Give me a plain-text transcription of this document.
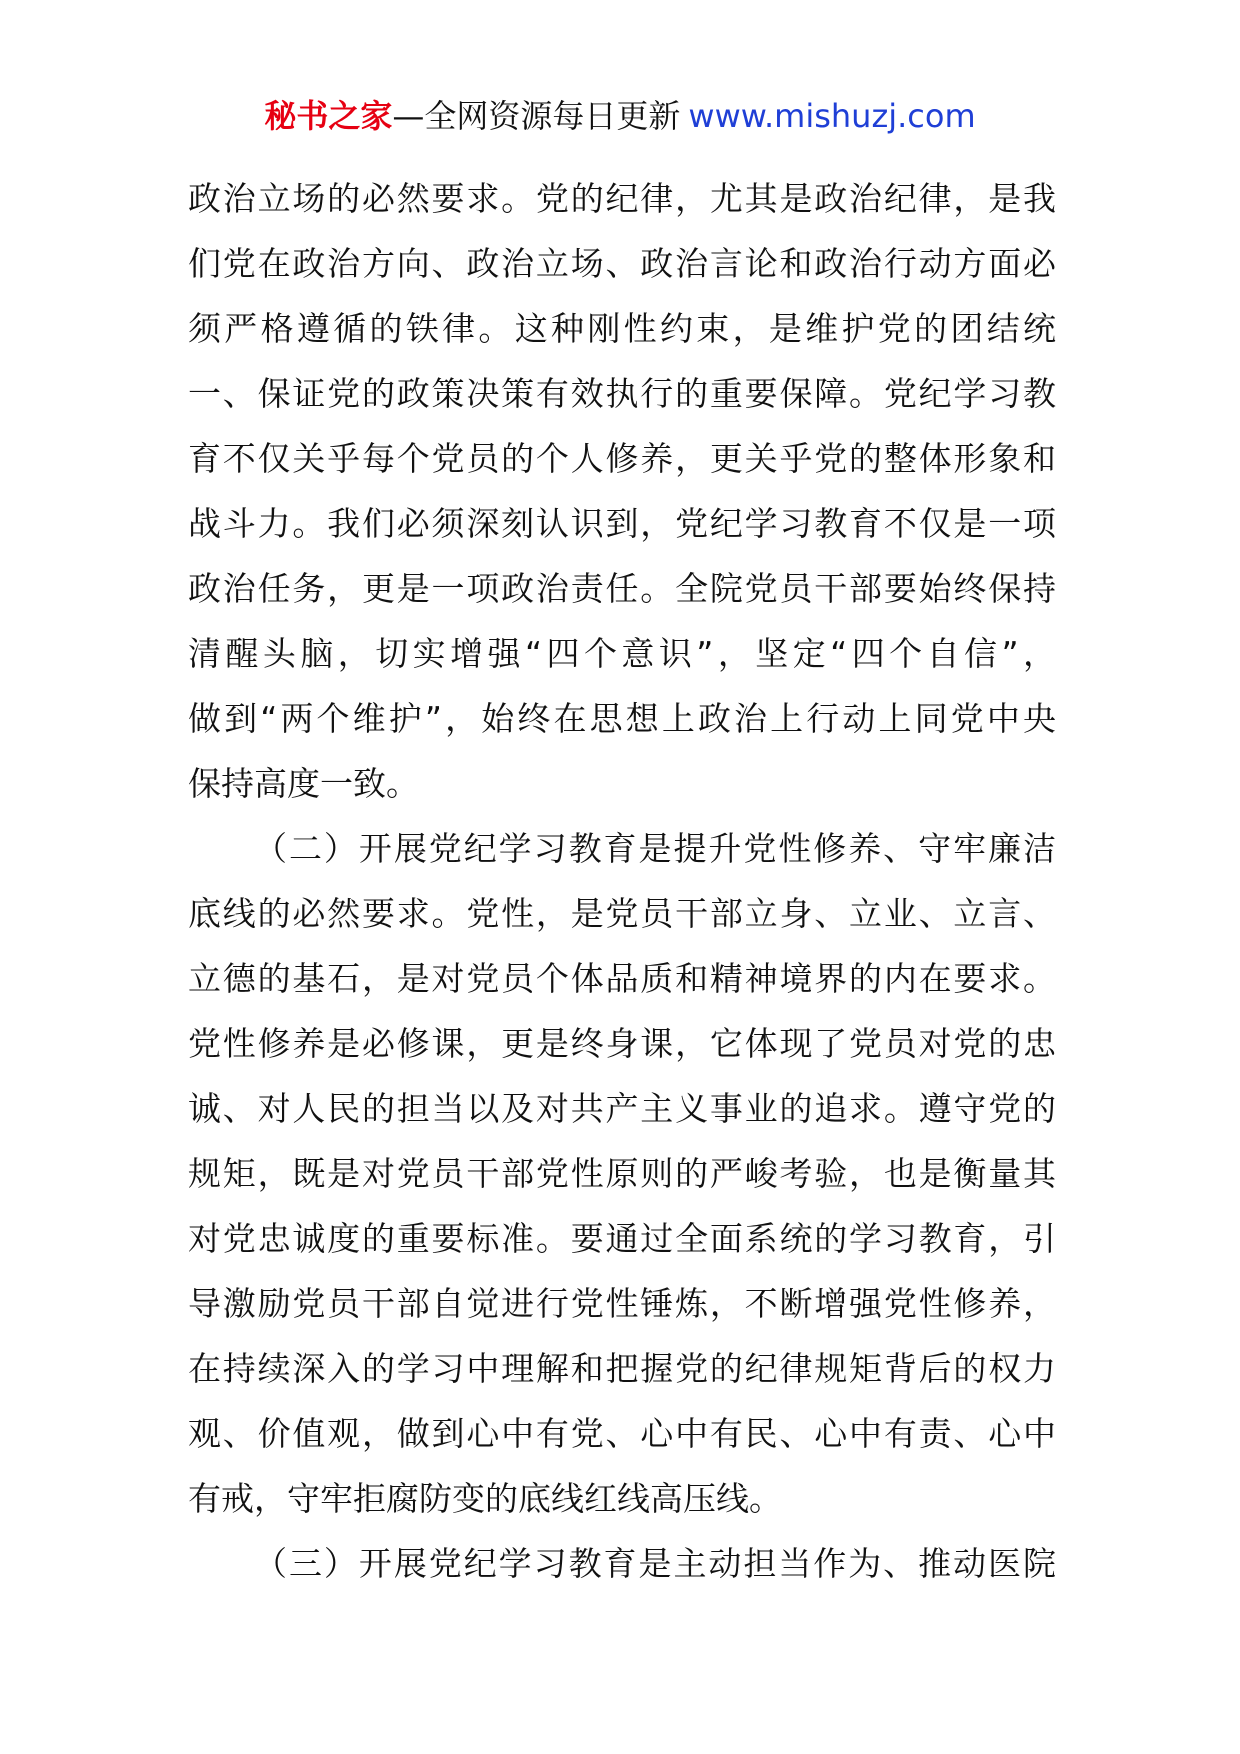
秘书之家—全网资源每日更新 www.mishuzj.com
政治立场的必然要求。党的纪律，尤其是政治纪律，是我
们党在政治方向、政治立场、政治言论和政治行动方面必
须严格遵循的铁律。这种刚性约束，是维护党的团结统
一、保证党的政策决策有效执行的重要保障。党纪学习教
育不仅关乎每个党员的个人修养，更关乎党的整体形象和
战斗力。我们必须深刻认识到，党纪学习教育不仅是一项
政治任务，更是一项政治责任。全院党员干部要始终保持
清醒头脑，切实增强“四个意识”，坚定“四个自信”，
做到“两个维护”，始终在思想上政治上行动上同党中央
保持高度一致。
（二）开展党纪学习教育是提升党性修养、守牢廉洁
底线的必然要求。党性，是党员干部立身、立业、立言、
立德的基石，是对党员个体品质和精神境界的内在要求。
党性修养是必修课，更是终身课，它体现了党员对党的忠
诚、对人民的担当以及对共产主义事业的追求。遵守党的
规矩，既是对党员干部党性原则的严峻考验，也是衡量其
对党忠诚度的重要标准。要通过全面系统的学习教育，引
导激励党员干部自觉进行党性锤炼，不断增强党性修养，
在持续深入的学习中理解和把握党的纪律规矩背后的权力
观、价值观，做到心中有党、心中有民、心中有责、心中
有戒，守牢拒腐防变的底线红线高压线。
（三）开展党纪学习教育是主动担当作为、推动医院
